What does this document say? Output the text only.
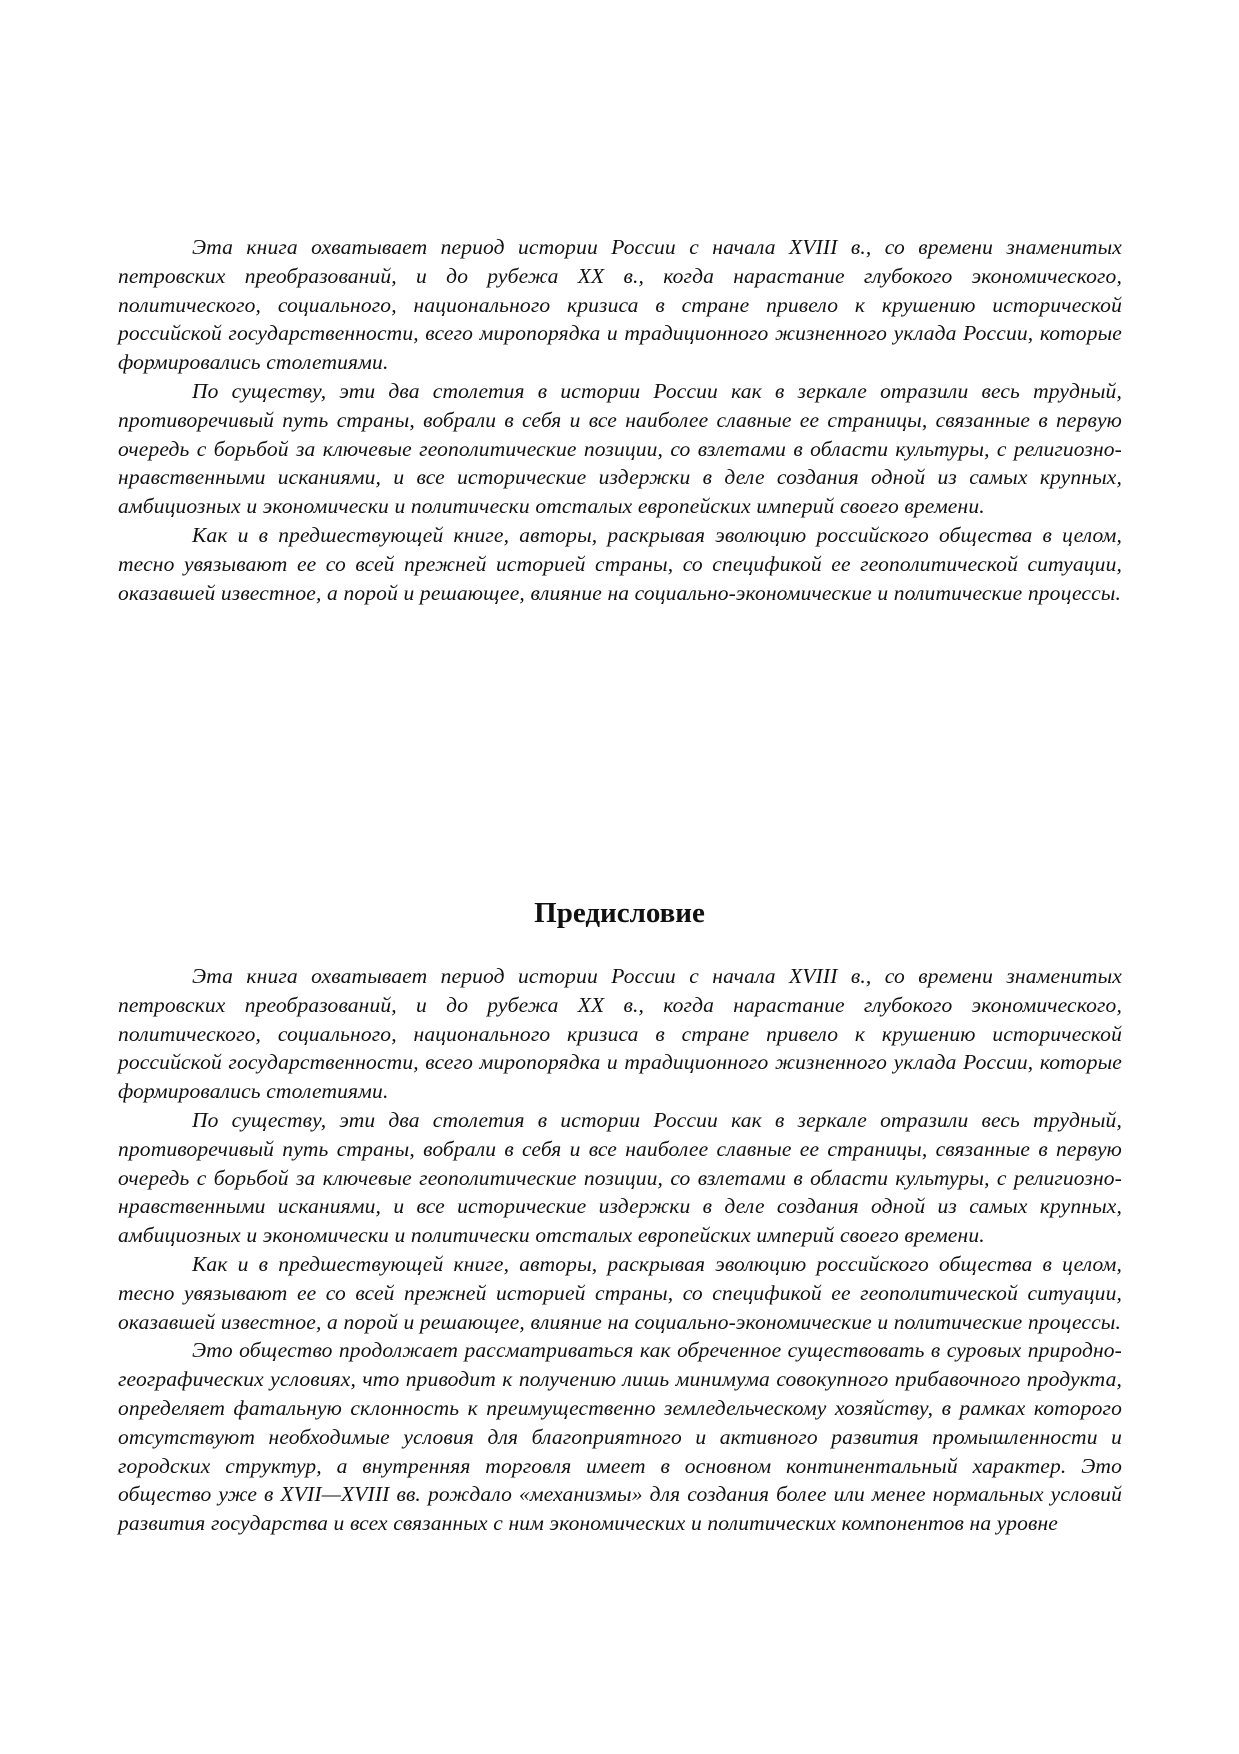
Эта книга охватывает период истории России с начала XVIII в., со времени знаменитых петровских преобразований, и до рубежа XX в., когда нарастание глубокого экономического, политического, социального, национального кризиса в стране привело к крушению исторической российской государственности, всего миропорядка и традиционного жизненного уклада России, которые формировались столетиями.

По существу, эти два столетия в истории России как в зеркале отразили весь трудный, противоречивый путь страны, вобрали в себя и все наиболее славные ее страницы, связанные в первую очередь с борьбой за ключевые геополитические позиции, со взлетами в области культуры, с религиозно-нравственными исканиями, и все исторические издержки в деле создания одной из самых крупных, амбициозных и экономически и политически отсталых европейских империй своего времени.

Как и в предшествующей книге, авторы, раскрывая эволюцию российского общества в целом, тесно увязывают ее со всей прежней историей страны, со спецификой ее геополитической ситуации, оказавшей известное, а порой и решающее, влияние на социально-экономические и политические процессы.

Предисловие

Эта книга охватывает период истории России с начала XVIII в., со времени знаменитых петровских преобразований, и до рубежа XX в., когда нарастание глубокого экономического, политического, социального, национального кризиса в стране привело к крушению исторической российской государственности, всего миропорядка и традиционного жизненного уклада России, которые формировались столетиями.

По существу, эти два столетия в истории России как в зеркале отразили весь трудный, противоречивый путь страны, вобрали в себя и все наиболее славные ее страницы, связанные в первую очередь с борьбой за ключевые геополитические позиции, со взлетами в области культуры, с религиозно-нравственными исканиями, и все исторические издержки в деле создания одной из самых крупных, амбициозных и экономически и политически отсталых европейских империй своего времени.

Как и в предшествующей книге, авторы, раскрывая эволюцию российского общества в целом, тесно увязывают ее со всей прежней историей страны, со спецификой ее геополитической ситуации, оказавшей известное, а порой и решающее, влияние на социально-экономические и политические процессы.

Это общество продолжает рассматриваться как обреченное существовать в суровых природно-географических условиях, что приводит к получению лишь минимума совокупного прибавочного продукта, определяет фатальную склонность к преимущественно земледельческому хозяйству, в рамках которого отсутствуют необходимые условия для благоприятного и активного развития промышленности и городских структур, а внутренняя торговля имеет в основном континентальный характер. Это общество уже в XVII—XVIII вв. рождало «механизмы» для создания более или менее нормальных условий развития государства и всех связанных с ним экономических и политических компонентов на уровне
